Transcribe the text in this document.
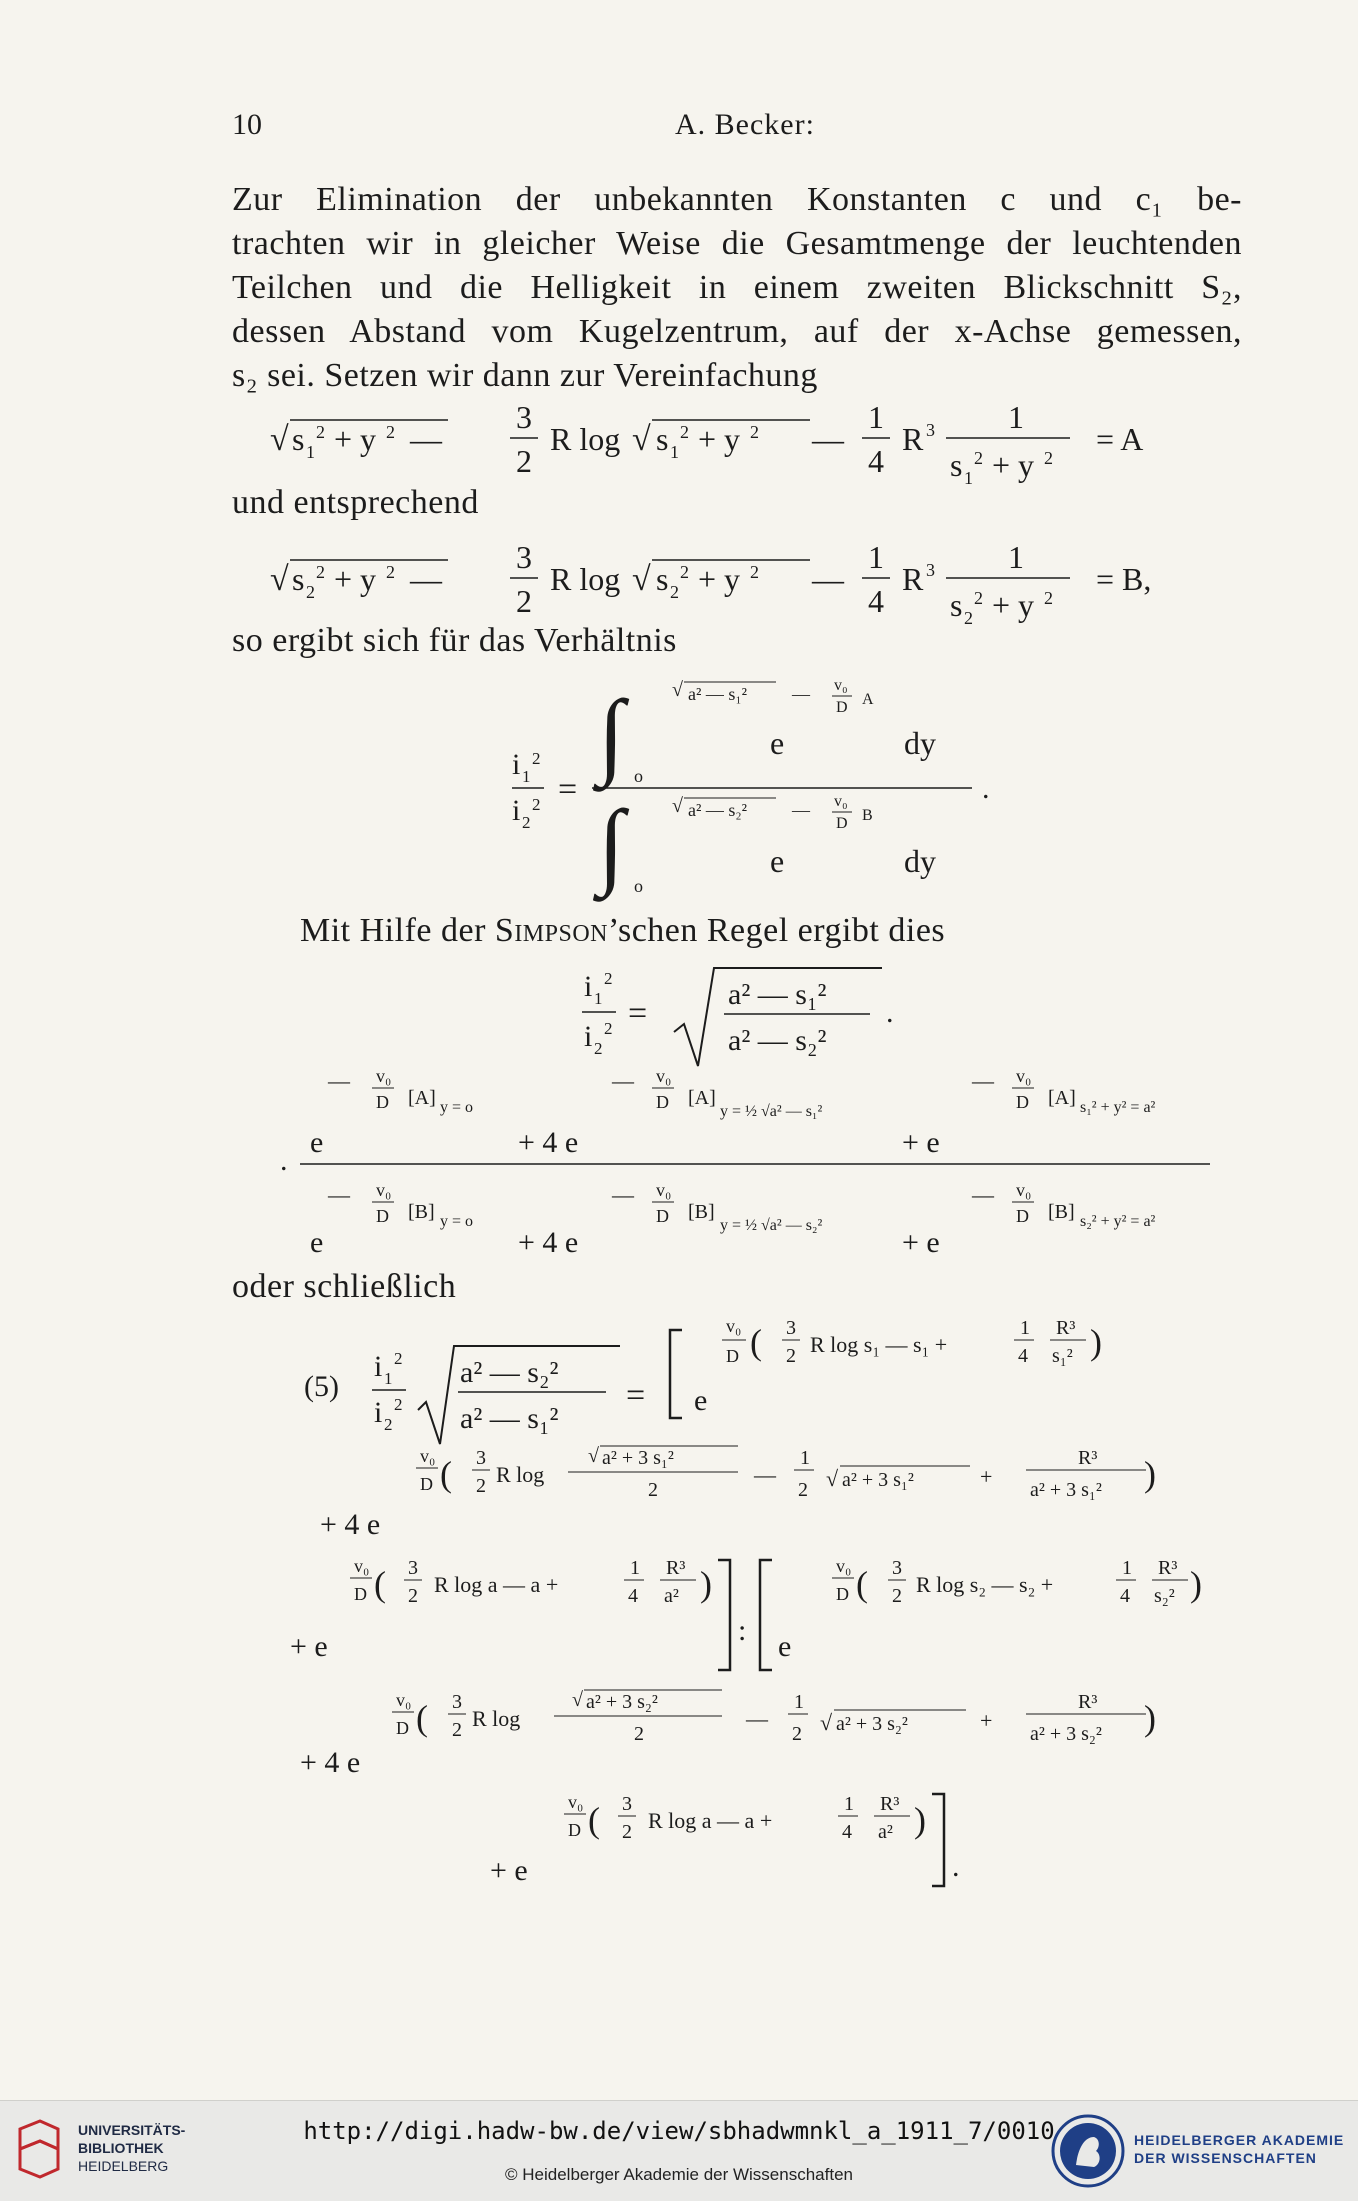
10	A. Becker:
Zur Elimination der unbekannten Konstanten c und c₁ be-
trachten wir in gleicher Weise die Gesamtmenge der leuchtenden
Teilchen und die Helligkeit in einem zweiten Blickschnitt S₂,
dessen Abstand vom Kugelzentrum, auf der x-Achse gemessen,
s₂ sei. Setzen wir dann zur Vereinfachung
√ s 1
2 + y 2 —
3
2
R log √ s 1
2 + y 2 —
1
4
R 3 1
s 1
2 + y 2
= A
und entsprechend
√ s 2
2 + y 2 —
3
2
R log √ s 2
2 + y 2 —
1
4
R 3 1
s 2
2 + y 2
= B,
so ergibt sich für das Verhältnis
i 1
2
i 2
2 =
∫ o
√ a² — s₁² — v₀
D A
e	dy
∫ o
√ a² — s₂² — v₀
D B
e	dy
.
Mit Hilfe der Simpson’schen Regel ergibt dies
i 1
2
i 2
2 =
a² — s₁²
a² — s₂²
.
— v₀
D [A] y = o
e	+ 4 e
— v₀
D [A]
y = ½ √a² — s₁²
+ e
— v₀
D [A] s₁² + y² = a²
.
— v₀
D [B] y = o
e	+ 4 e
— v₀
D [B]
y = ½ √a² — s₂²
+ e
— v₀
D [B] s₂² + y² = a²
oder schließlich
(5)
i 1
2
i 2
2
a² — s₂²
a² — s₁²
= e
v₀
D ( 3
2 R log s₁ — s₁ +
1
4
R³
s₁² )
+ 4 e
v₀
D ( 3
2 R log
√ a² + 3 s₁²
2
—
1
2 √ a² + 3 s₁²	+
R³
a² + 3 s₁² )
+ e
v₀
D ( 3
2 R log a — a +
1
4
R³
a² )
: e
v₀
D ( 3
2 R log s₂ — s₂ +
1
4
R³
s₂² )
+ 4 e
v₀
D ( 3
2 R log
√ a² + 3 s₂²
2
—
1
2 √ a² + 3 s₂²	+
R³
a² + 3 s₂² )
+ e
v₀
D ( 3
2 R log a — a +
1
4
R³
a² )
.
UNIVERSITÄTS-
BIBLIOTHEK
HEIDELBERG
http://digi.hadw-bw.de/view/sbhadwmnkl_a_1911_7/0010
© Heidelberger Akademie der Wissenschaften
HEIDELBERGER AKADEMIE
DER WISSENSCHAFTEN
